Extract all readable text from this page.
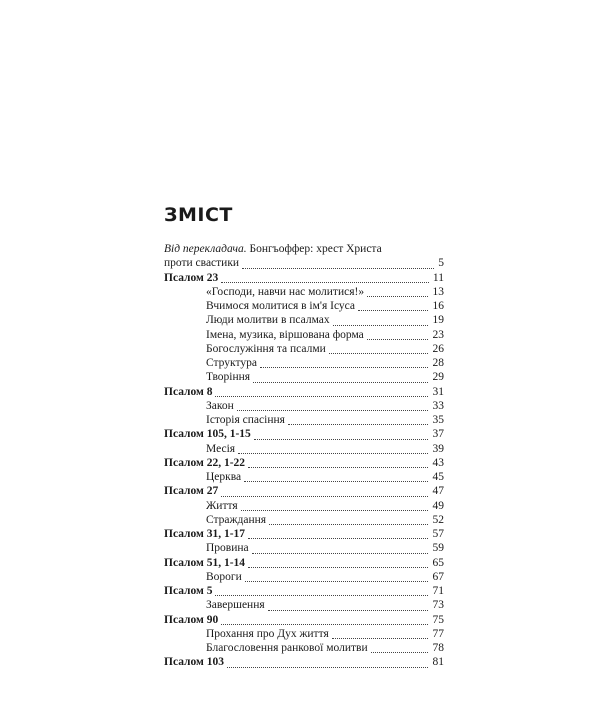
ЗМІСТ
Від перекладача. Бонгъоффер: хрест Христа
проти свастики	5
Псалом 23	11
«Господи, навчи нас молитися!»	13
Вчимося молитися в ім'я Ісуса	16
Люди молитви в псалмах	19
Імена, музика, віршована форма	23
Богослужіння та псалми	26
Структура	28
Творіння	29
Псалом 8	31
Закон	33
Історія спасіння	35
Псалом 105, 1-15	37
Месія	39
Псалом 22, 1-22	43
Церква	45
Псалом 27	47
Життя	49
Страждання	52
Псалом 31, 1-17	57
Провина	59
Псалом 51, 1-14	65
Вороги	67
Псалом 5	71
Завершення	73
Псалом 90	75
Прохання про Дух життя	77
Благословення ранкової молитви	78
Псалом 103	81
